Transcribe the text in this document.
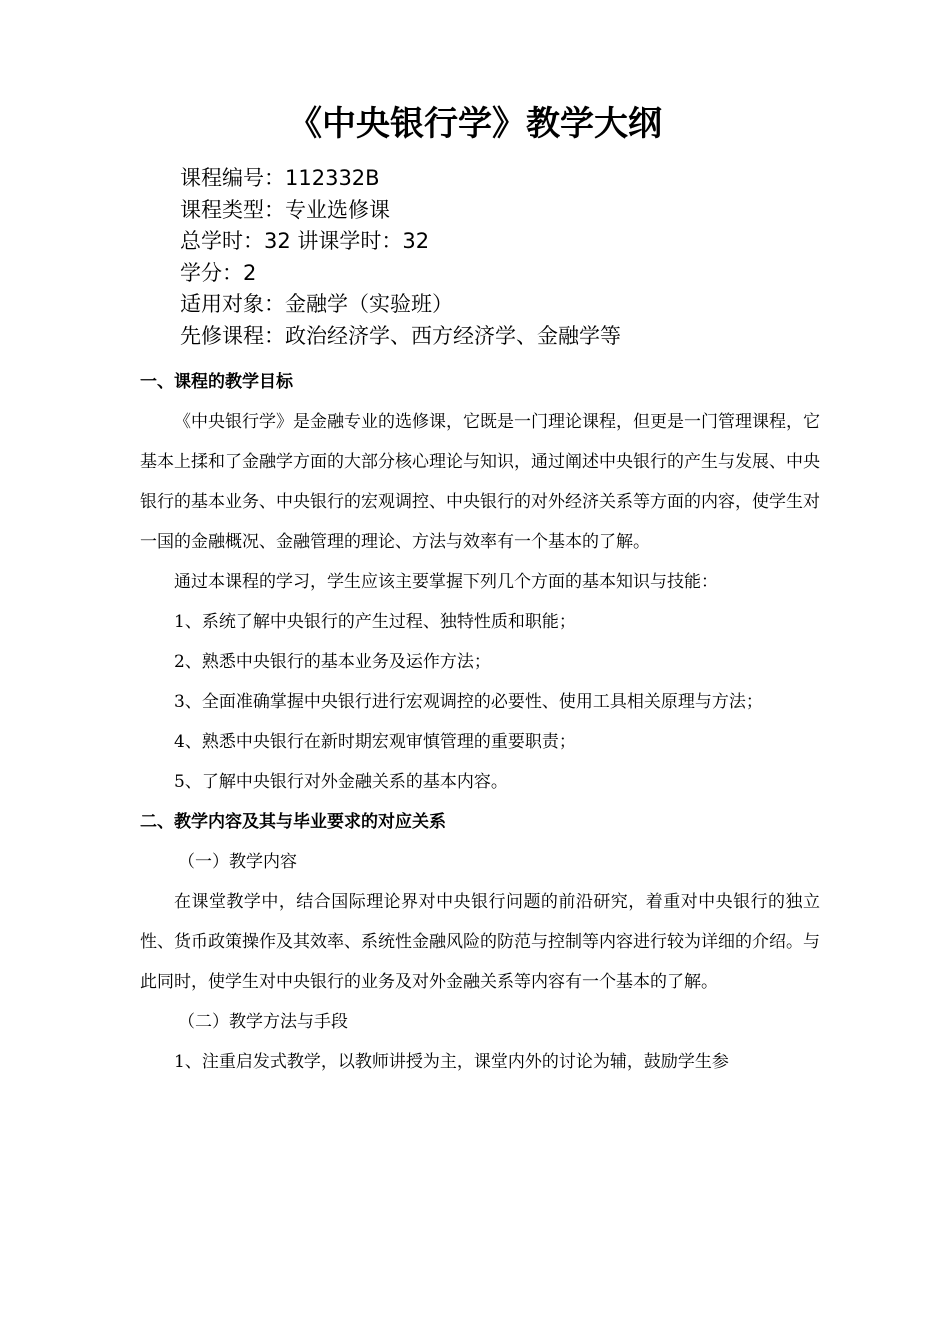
《中央银行学》教学大纲
课程编号：112332B
课程类型：专业选修课
总学时：32 讲课学时：32
学分：2
适用对象：金融学（实验班）
先修课程：政治经济学、西方经济学、金融学等
一、课程的教学目标

《中央银行学》是金融专业的选修课，它既是一门理论课程，但更是一门管理课程，它基本上揉和了金融学方面的大部分核心理论与知识，通过阐述中央银行的产生与发展、中央银行的基本业务、中央银行的宏观调控、中央银行的对外经济关系等方面的内容，使学生对一国的金融概况、金融管理的理论、方法与效率有一个基本的了解。

通过本课程的学习，学生应该主要掌握下列几个方面的基本知识与技能：

1、系统了解中央银行的产生过程、独特性质和职能；

2、熟悉中央银行的基本业务及运作方法；

3、全面准确掌握中央银行进行宏观调控的必要性、使用工具相关原理与方法；

4、熟悉中央银行在新时期宏观审慎管理的重要职责；

5、了解中央银行对外金融关系的基本内容。

二、教学内容及其与毕业要求的对应关系
（一）教学内容

在课堂教学中，结合国际理论界对中央银行问题的前沿研究，着重对中央银行的独立性、货币政策操作及其效率、系统性金融风险的防范与控制等内容进行较为详细的介绍。与此同时，使学生对中央银行的业务及对外金融关系等内容有一个基本的了解。

（二）教学方法与手段

1、注重启发式教学，以教师讲授为主，课堂内外的讨论为辅，鼓励学生参
